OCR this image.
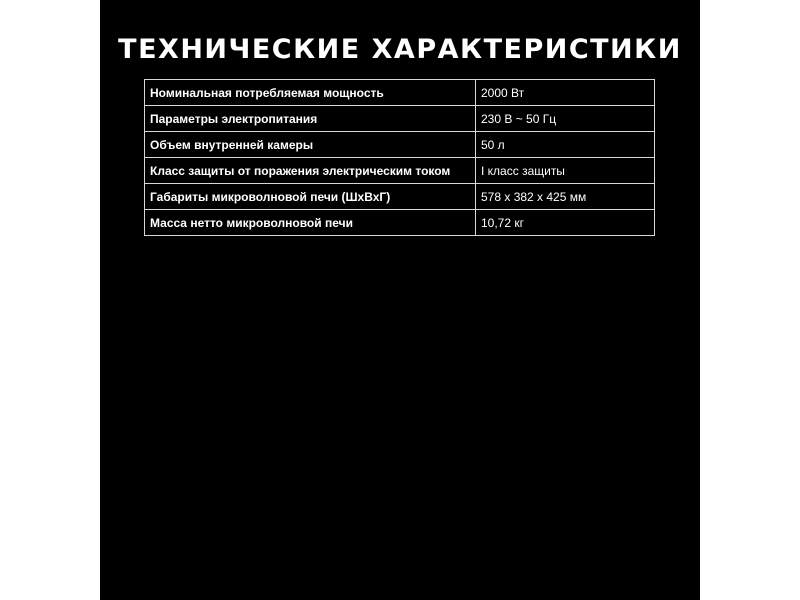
ТЕХНИЧЕСКИЕ ХАРАКТЕРИСТИКИ
Номинальная потребляемая мощность	2000 Вт
Параметры электропитания	230 В ~ 50 Гц
Объем внутренней камеры	50 л
Класс защиты от поражения электрическим током	I класс защиты
Габариты микроволновой печи (ШхВхГ)	578 x 382 x 425 мм
Масса нетто микроволновой печи	10,72 кг
